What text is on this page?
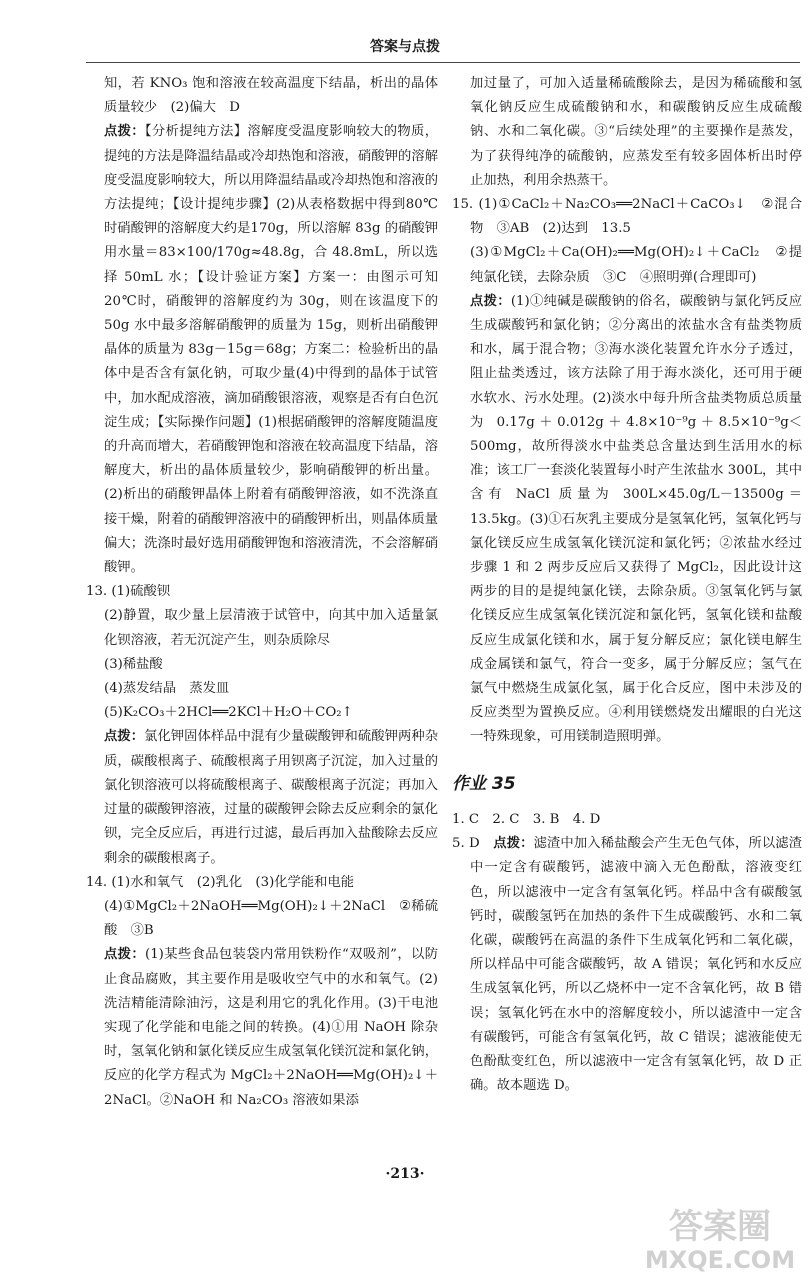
答案与点拨
知，若 KNO₃ 饱和溶液在较高温度下结晶，析出的晶体质量较少　(2)偏大　D
点拨：【分析提纯方法】溶解度受温度影响较大的物质，提纯的方法是降温结晶或冷却热饱和溶液，硝酸钾的溶解度受温度影响较大，所以用降温结晶或冷却热饱和溶液的方法提纯；【设计提纯步骤】(2)从表格数据中得到80℃时硝酸钾的溶解度大约是170g，所以溶解 83g 的硝酸钾用水量＝83×100/170g≈48.8g，合 48.8mL，所以选择 50mL 水；【设计验证方案】方案一：由图示可知 20℃时，硝酸钾的溶解度约为 30g，则在该温度下的 50g 水中最多溶解硝酸钾的质量为 15g，则析出硝酸钾晶体的质量为 83g－15g＝68g；方案二：检验析出的晶体中是否含有氯化钠，可取少量(4)中得到的晶体于试管中，加水配成溶液，滴加硝酸银溶液，观察是否有白色沉淀生成；【实际操作问题】(1)根据硝酸钾的溶解度随温度的升高而增大，若硝酸钾饱和溶液在较高温度下结晶，溶解度大，析出的晶体质量较少，影响硝酸钾的析出量。(2)析出的硝酸钾晶体上附着有硝酸钾溶液，如不洗涤直接干燥，附着的硝酸钾溶液中的硝酸钾析出，则晶体质量偏大；洗涤时最好选用硝酸钾饱和溶液清洗，不会溶解硝酸钾。
13. (1)硫酸钡
(2)静置，取少量上层清液于试管中，向其中加入适量氯化钡溶液，若无沉淀产生，则杂质除尽
(3)稀盐酸
(4)蒸发结晶　蒸发皿
(5)K₂CO₃＋2HCl══2KCl＋H₂O＋CO₂↑
点拨：氯化钾固体样品中混有少量碳酸钾和硫酸钾两种杂质，碳酸根离子、硫酸根离子用钡离子沉淀，加入过量的氯化钡溶液可以将硫酸根离子、碳酸根离子沉淀；再加入过量的碳酸钾溶液，过量的碳酸钾会除去反应剩余的氯化钡，完全反应后，再进行过滤，最后再加入盐酸除去反应剩余的碳酸根离子。
14. (1)水和氧气　(2)乳化　(3)化学能和电能
(4)①MgCl₂＋2NaOH══Mg(OH)₂↓＋2NaCl　②稀硫酸　③B
点拨：(1)某些食品包装袋内常用铁粉作“双吸剂”，以防止食品腐败，其主要作用是吸收空气中的水和氧气。(2)洗洁精能清除油污，这是利用它的乳化作用。(3)干电池实现了化学能和电能之间的转换。(4)①用 NaOH 除杂时，氢氧化钠和氯化镁反应生成氢氧化镁沉淀和氯化钠，反应的化学方程式为 MgCl₂＋2NaOH══Mg(OH)₂↓＋2NaCl。②NaOH 和 Na₂CO₃ 溶液如果添
加过量了，可加入适量稀硫酸除去，是因为稀硫酸和氢氧化钠反应生成硫酸钠和水，和碳酸钠反应生成硫酸钠、水和二氧化碳。③“后续处理”的主要操作是蒸发，为了获得纯净的硫酸钠，应蒸发至有较多固体析出时停止加热，利用余热蒸干。
15. (1)①CaCl₂＋Na₂CO₃══2NaCl＋CaCO₃↓　②混合物　③AB　(2)达到　13.5
(3)①MgCl₂＋Ca(OH)₂══Mg(OH)₂↓＋CaCl₂　②提纯氯化镁，去除杂质　③C　④照明弹(合理即可)
点拨：(1)①纯碱是碳酸钠的俗名，碳酸钠与氯化钙反应生成碳酸钙和氯化钠；②分离出的浓盐水含有盐类物质和水，属于混合物；③海水淡化装置允许水分子透过，阻止盐类透过，该方法除了用于海水淡化，还可用于硬水软水、污水处理。(2)淡水中每升所含盐类物质总质量为 0.17g＋0.012g＋4.8×10⁻⁹g＋8.5×10⁻⁹g＜500mg，故所得淡水中盐类总含量达到生活用水的标准；该工厂一套淡化装置每小时产生浓盐水 300L，其中含有 NaCl 质量为 300L×45.0g/L－13500g＝13.5kg。(3)①石灰乳主要成分是氢氧化钙，氢氧化钙与氯化镁反应生成氢氧化镁沉淀和氯化钙；②浓盐水经过步骤 1 和 2 两步反应后又获得了 MgCl₂，因此设计这两步的目的是提纯氯化镁，去除杂质。③氢氧化钙与氯化镁反应生成氢氧化镁沉淀和氯化钙，氢氧化镁和盐酸反应生成氯化镁和水，属于复分解反应；氯化镁电解生成金属镁和氯气，符合一变多，属于分解反应；氢气在氯气中燃烧生成氯化氢，属于化合反应，图中未涉及的反应类型为置换反应。④利用镁燃烧发出耀眼的白光这一特殊现象，可用镁制造照明弹。
作业 35
1. C　2. C　3. B　4. D
5. D　点拨：滤渣中加入稀盐酸会产生无色气体，所以滤渣中一定含有碳酸钙，滤液中滴入无色酚酞，溶液变红色，所以滤液中一定含有氢氧化钙。样品中含有碳酸氢钙时，碳酸氢钙在加热的条件下生成碳酸钙、水和二氧化碳，碳酸钙在高温的条件下生成氧化钙和二氧化碳，所以样品中可能含碳酸钙，故 A 错误；氧化钙和水反应生成氢氧化钙，所以乙烧杯中一定不含氧化钙，故 B 错误；氢氧化钙在水中的溶解度较小，所以滤渣中一定含有碳酸钙，可能含有氢氧化钙，故 C 错误；滤液能使无色酚酞变红色，所以滤液中一定含有氢氧化钙，故 D 正确。故本题选 D。
·213·
答案圈
MXQE.COM
